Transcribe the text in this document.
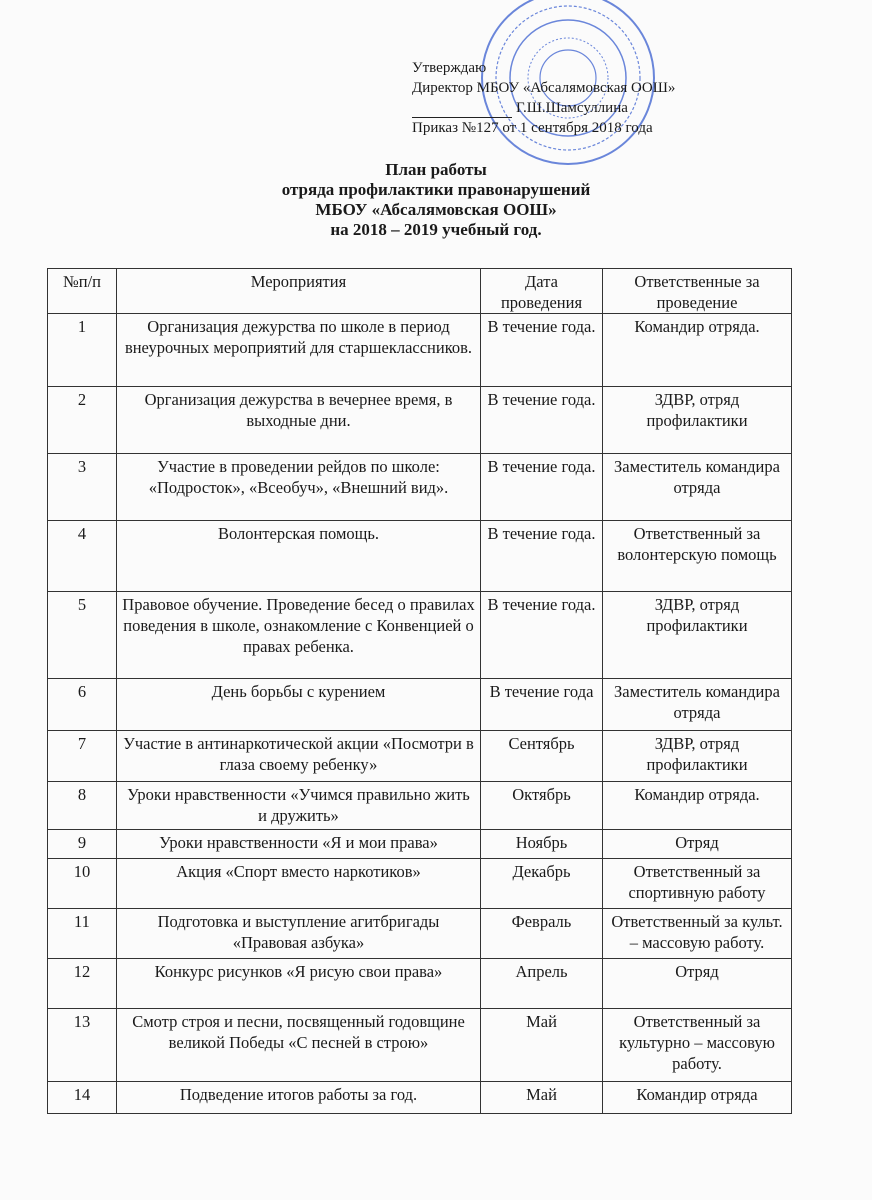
Утверждаю
Директор МБОУ «Абсалямовская ООШ»
Г.Ш.Шамсуллина
Приказ №127 от 1 сентября 2018 года
План работы
отряда профилактики правонарушений
МБОУ «Абсалямовская ООШ»
на 2018 – 2019 учебный год.
№п/п	Мероприятия	Дата проведения	Ответственные за проведение
1	Организация дежурства по школе в период внеурочных мероприятий для старшеклассников.	В течение года.	Командир отряда.
2	Организация дежурства в вечернее время, в выходные дни.	В течение года.	ЗДВР, отряд профилактики
3	Участие в проведении рейдов по школе: «Подросток», «Всеобуч», «Внешний вид».	В течение года.	Заместитель командира отряда
4	Волонтерская помощь.	В течение года.	Ответственный за волонтерскую помощь
5	Правовое обучение. Проведение бесед о правилах поведения в школе, ознакомление с Конвенцией о правах ребенка.	В течение года.	ЗДВР, отряд профилактики
6	День борьбы с курением	В течение года	Заместитель командира отряда
7	Участие в антинаркотической акции «Посмотри в глаза своему ребенку»	Сентябрь	ЗДВР, отряд профилактики
8	Уроки нравственности «Учимся правильно жить и дружить»	Октябрь	Командир отряда.
9	Уроки нравственности «Я и мои права»	Ноябрь	Отряд
10	Акция «Спорт вместо наркотиков»	Декабрь	Ответственный за спортивную работу
11	Подготовка и выступление агитбригады «Правовая азбука»	Февраль	Ответственный за культ. – массовую работу.
12	Конкурс рисунков «Я рисую свои права»	Апрель	Отряд
13	Смотр строя и песни, посвященный годовщине великой Победы «С песней в строю»	Май	Ответственный за культурно – массовую работу.
14	Подведение итогов работы за год.	Май	Командир отряда
